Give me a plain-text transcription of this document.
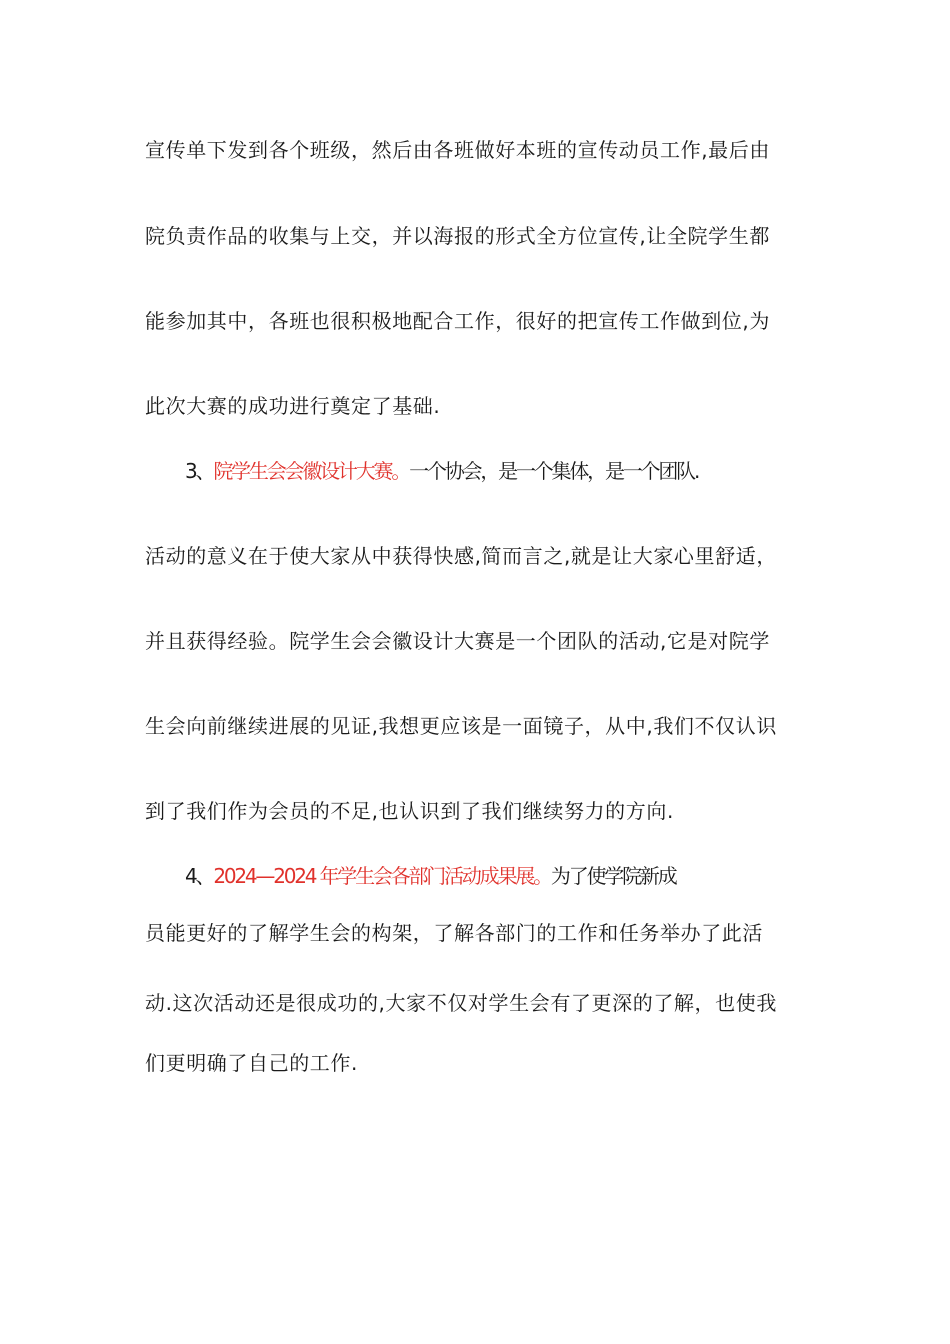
宣传单下发到各个班级，然后由各班做好本班的宣传动员工作,最后由
院负责作品的收集与上交，并以海报的形式全方位宣传,让全院学生都
能参加其中，各班也很积极地配合工作，很好的把宣传工作做到位,为
此次大赛的成功进行奠定了基础.
3、院学生会会徽设计大赛。一个协会，是一个集体，是一个团队.
活动的意义在于使大家从中获得快感,简而言之,就是让大家心里舒适，
并且获得经验。院学生会会徽设计大赛是一个团队的活动,它是对院学
生会向前继续进展的见证,我想更应该是一面镜子，从中,我们不仅认识
到了我们作为会员的不足,也认识到了我们继续努力的方向.
4、2024—2024 年学生会各部门活动成果展。为了使学院新成
员能更好的了解学生会的构架，了解各部门的工作和任务举办了此活
动.这次活动还是很成功的,大家不仅对学生会有了更深的了解，也使我
们更明确了自己的工作.
